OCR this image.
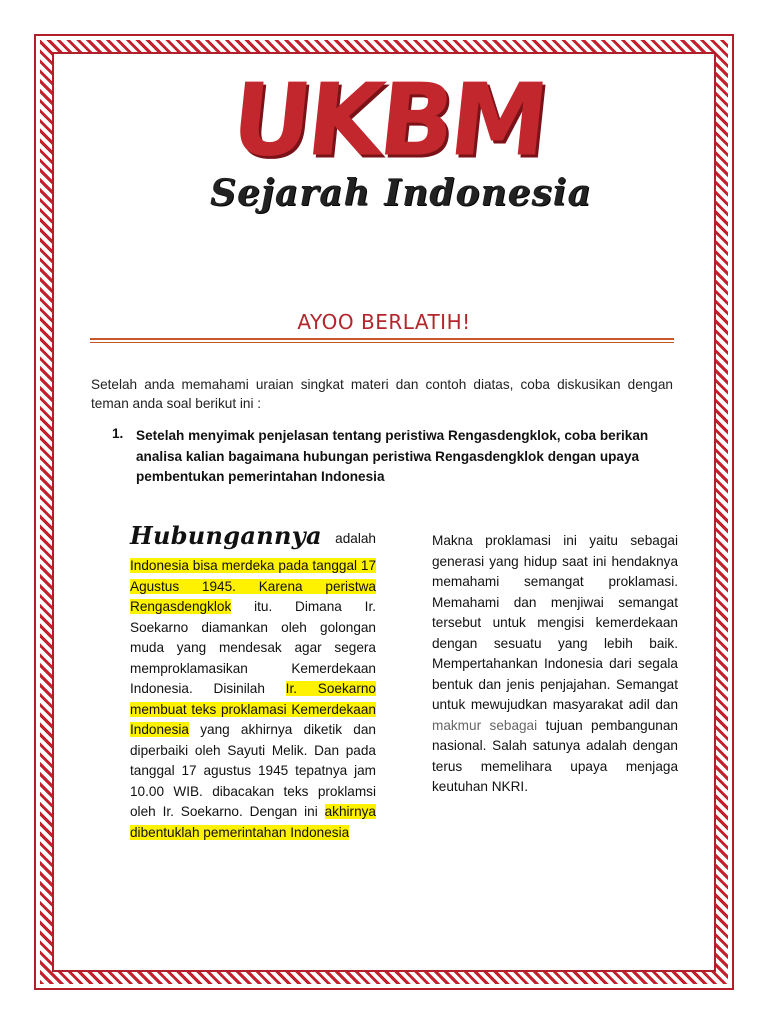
UKBM
Sejarah Indonesia
AYOO BERLATIH!
Setelah anda memahami uraian singkat materi dan contoh diatas, coba diskusikan dengan teman anda soal berikut ini :
1. Setelah menyimak penjelasan tentang peristiwa Rengasdengklok, coba berikan analisa kalian bagaimana hubungan peristiwa Rengasdengklok dengan upaya pembentukan pemerintahan Indonesia
Hubungannya adalah
Indonesia bisa merdeka pada tanggal 17 Agustus 1945. Karena peristwa Rengasdengklok itu. Dimana Ir. Soekarno diamankan oleh golongan muda yang mendesak agar segera memproklamasikan Kemerdekaan Indonesia. Disinilah Ir. Soekarno membuat teks proklamasi Kemerdekaan Indonesia yang akhirnya diketik dan diperbaiki oleh Sayuti Melik. Dan pada tanggal 17 agustus 1945 tepatnya jam 10.00 WIB. dibacakan teks proklamsi oleh Ir. Soekarno. Dengan ini akhirnya dibentuklah pemerintahan Indonesia
Makna proklamasi ini yaitu sebagai generasi yang hidup saat ini hendaknya memahami semangat proklamasi. Memahami dan menjiwai semangat tersebut untuk mengisi kemerdekaan dengan sesuatu yang lebih baik. Mempertahankan Indonesia dari segala bentuk dan jenis penjajahan. Semangat untuk mewujudkan masyarakat adil dan makmur sebagai tujuan pembangunan nasional. Salah satunya adalah dengan terus memelihara upaya menjaga keutuhan NKRI.
